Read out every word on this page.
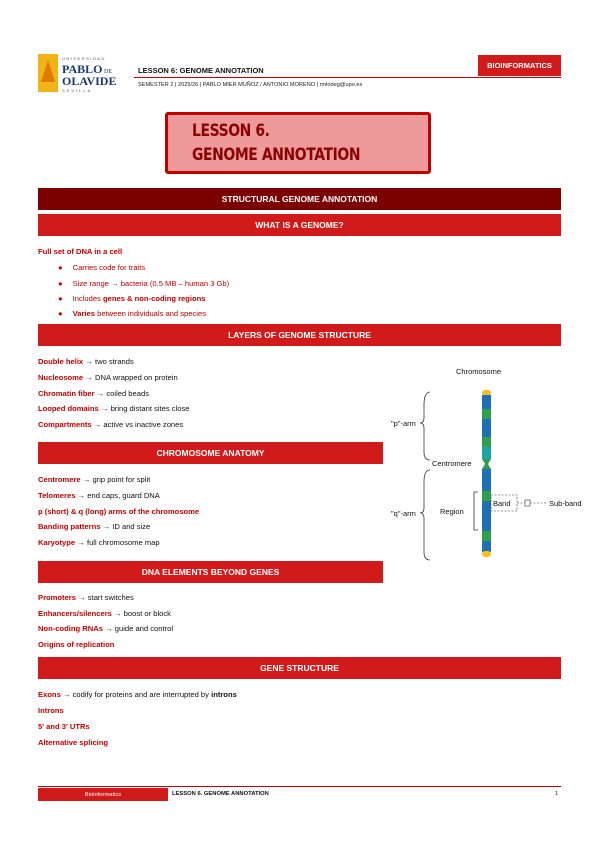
UNIVERSIDAD
PABLO DE
OLAVIDE
SEVILLA
LESSON 6: GENOME ANNOTATION
SEMESTER 2 | 2025/26 | PABLO MIER MUÑOZ / ANTONIO MORENO | rmlodeg@upo.es
BIOINFORMATICS
LESSON 6.
GENOME ANNOTATION
STRUCTURAL GENOME ANNOTATION
WHAT IS A GENOME?
Full set of DNA in a cell
● Carries code for traits
● Size range → bacteria (0.5 MB – human 3 Gb)
● Includes genes & non-coding regions
● Varies between individuals and species
LAYERS OF GENOME STRUCTURE
Double helix → two strands
Nucleosome → DNA wrapped on protein
Chromatin fiber → coiled beads
Looped domains → bring distant sites close
Compartments → active vs inactive zones
CHROMOSOME ANATOMY
Centromere → grip point for split
Telomeres → end caps, guard DNA
p (short) & q (long) arms of the chromosome
Banding patterns → ID and size
Karyotype → full chromosome map
DNA ELEMENTS BEYOND GENES
Promoters → start switches
Enhancers/silencers → boost or block
Non-coding RNAs → guide and control
Origins of replication
GENE STRUCTURE
Exons → codify for proteins and are interrupted by introns
Introns
5' and 3' UTRs
Alternative splicing
Chromosome
"p"-arm
"q"-arm
Centromere
Region
Band	Sub-band
Bioinformatics	LESSON 6. GENOME ANNOTATION	1
